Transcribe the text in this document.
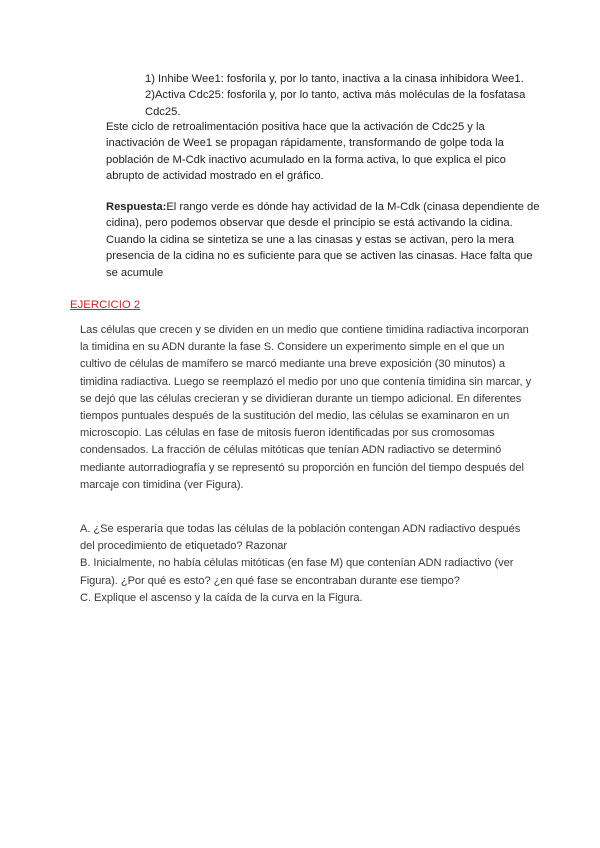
1) Inhibe Wee1: fosforila y, por lo tanto, inactiva a la cinasa inhibidora Wee1. 2)Activa Cdc25: fosforila y, por lo tanto, activa más moléculas de la fosfatasa Cdc25.

Este ciclo de retroalimentación positiva hace que la activación de Cdc25 y la inactivación de Wee1 se propagan rápidamente, transformando de golpe toda la población de M-Cdk inactivo acumulado en la forma activa, lo que explica el pico abrupto de actividad mostrado en el gráfico.

Respuesta:El rango verde es dónde hay actividad de la M-Cdk (cinasa dependiente de cidina), pero podemos observar que desde el principio se está activando la cidina. Cuando la cidina se sintetiza se une a las cinasas y estas se activan, pero la mera presencia de la cidina no es suficiente para que se activen las cinasas. Hace falta que se acumule

EJERCICIO 2

Las células que crecen y se dividen en un medio que contiene timidina radiactiva incorporan la timidina en su ADN durante la fase S. Considere un experimento simple en el que un cultivo de células de mamífero se marcó mediante una breve exposición (30 minutos) a timidina radiactiva. Luego se reemplazó el medio por uno que contenía timidina sin marcar, y se dejó que las células crecieran y se dividieran durante un tiempo adicional. En diferentes tiempos puntuales después de la sustitución del medio, las células se examinaron en un microscopio. Las células en fase de mitosis fueron identificadas por sus cromosomas condensados. La fracción de células mitóticas que tenían ADN radiactivo se determinó mediante autorradiografía y se representó su proporción en función del tiempo después del marcaje con timidina (ver Figura).

A. ¿Se esperaría que todas las células de la población contengan ADN radiactivo después del procedimiento de etiquetado? Razonar

B. Inicialmente, no había células mitóticas (en fase M) que contenían ADN radiactivo (ver Figura). ¿Por qué es esto? ¿en qué fase se encontraban durante ese tiempo?

C. Explique el ascenso y la caída de la curva en la Figura.
